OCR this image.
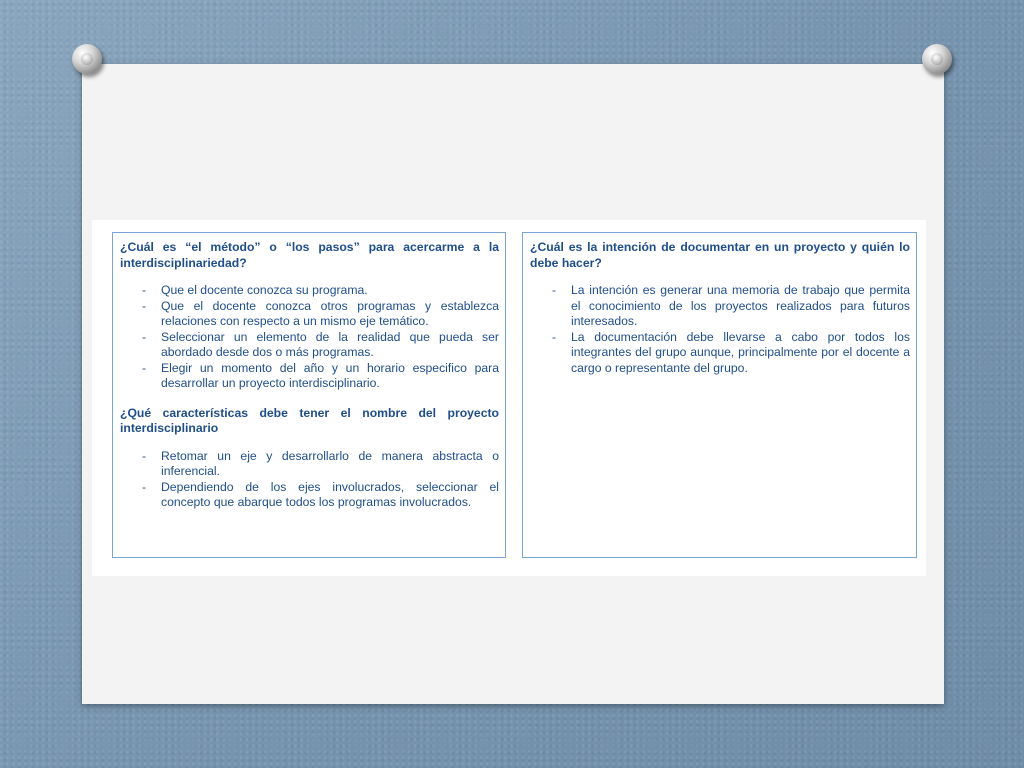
¿Cuál es “el método” o “los pasos” para acercarme a la interdisciplinariedad?

- Que el docente conozca su programa.
- Que el docente conozca otros programas y establezca relaciones con respecto a un mismo eje temático.
- Seleccionar un elemento de la realidad que pueda ser abordado desde dos o más programas.
- Elegir un momento del año y un horario especifico para desarrollar un proyecto interdisciplinario.

¿Qué características debe tener el nombre del proyecto interdisciplinario

- Retomar un eje y desarrollarlo de manera abstracta o inferencial.
- Dependiendo de los ejes involucrados, seleccionar el concepto que abarque todos los programas involucrados.

¿Cuál es la intención de documentar en un proyecto y quién lo debe hacer?

- La intención es generar una memoria de trabajo que permita el conocimiento de los proyectos realizados para futuros interesados.
- La documentación debe llevarse a cabo por todos los integrantes del grupo aunque, principalmente por el docente a cargo o representante del grupo.
